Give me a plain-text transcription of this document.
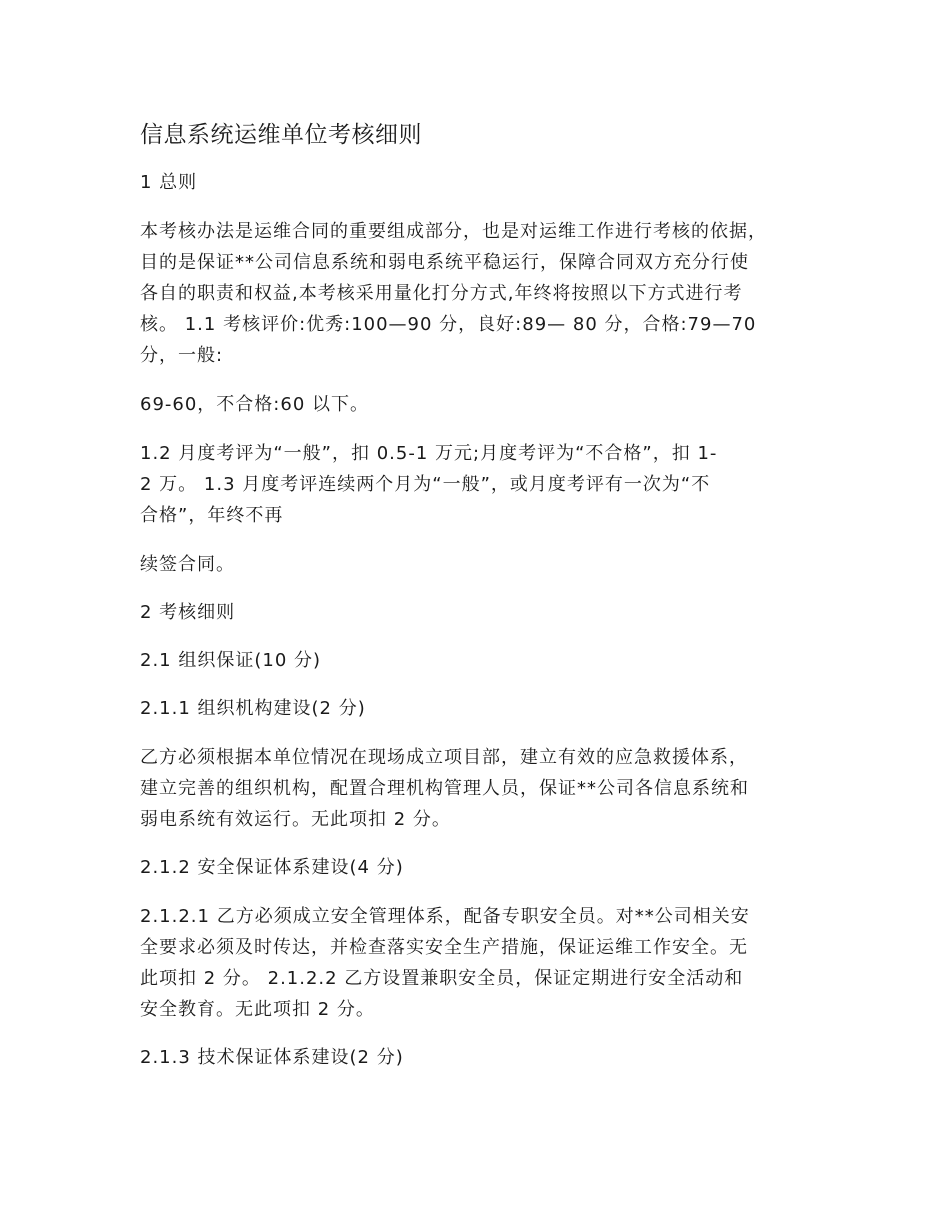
信息系统运维单位考核细则
1 总则
本考核办法是运维合同的重要组成部分，也是对运维工作进行考核的依据，
目的是保证**公司信息系统和弱电系统平稳运行，保障合同双方充分行使
各自的职责和权益,本考核采用量化打分方式,年终将按照以下方式进行考
核。 1.1 考核评价:优秀:100—90 分，良好:89— 80 分，合格:79—70
分，一般:
69-60，不合格:60 以下。
1.2 月度考评为“一般”，扣 0.5-1 万元;月度考评为“不合格”，扣 1-
2 万。 1.3 月度考评连续两个月为“一般”，或月度考评有一次为“不
合格”，年终不再
续签合同。
2 考核细则
2.1 组织保证(10 分)
2.1.1 组织机构建设(2 分)
乙方必须根据本单位情况在现场成立项目部，建立有效的应急救援体系，
建立完善的组织机构，配置合理机构管理人员，保证**公司各信息系统和
弱电系统有效运行。无此项扣 2 分。
2.1.2 安全保证体系建设(4 分)
2.1.2.1 乙方必须成立安全管理体系，配备专职安全员。对**公司相关安
全要求必须及时传达，并检查落实安全生产措施，保证运维工作安全。无
此项扣 2 分。 2.1.2.2 乙方设置兼职安全员，保证定期进行安全活动和
安全教育。无此项扣 2 分。
2.1.3 技术保证体系建设(2 分)
